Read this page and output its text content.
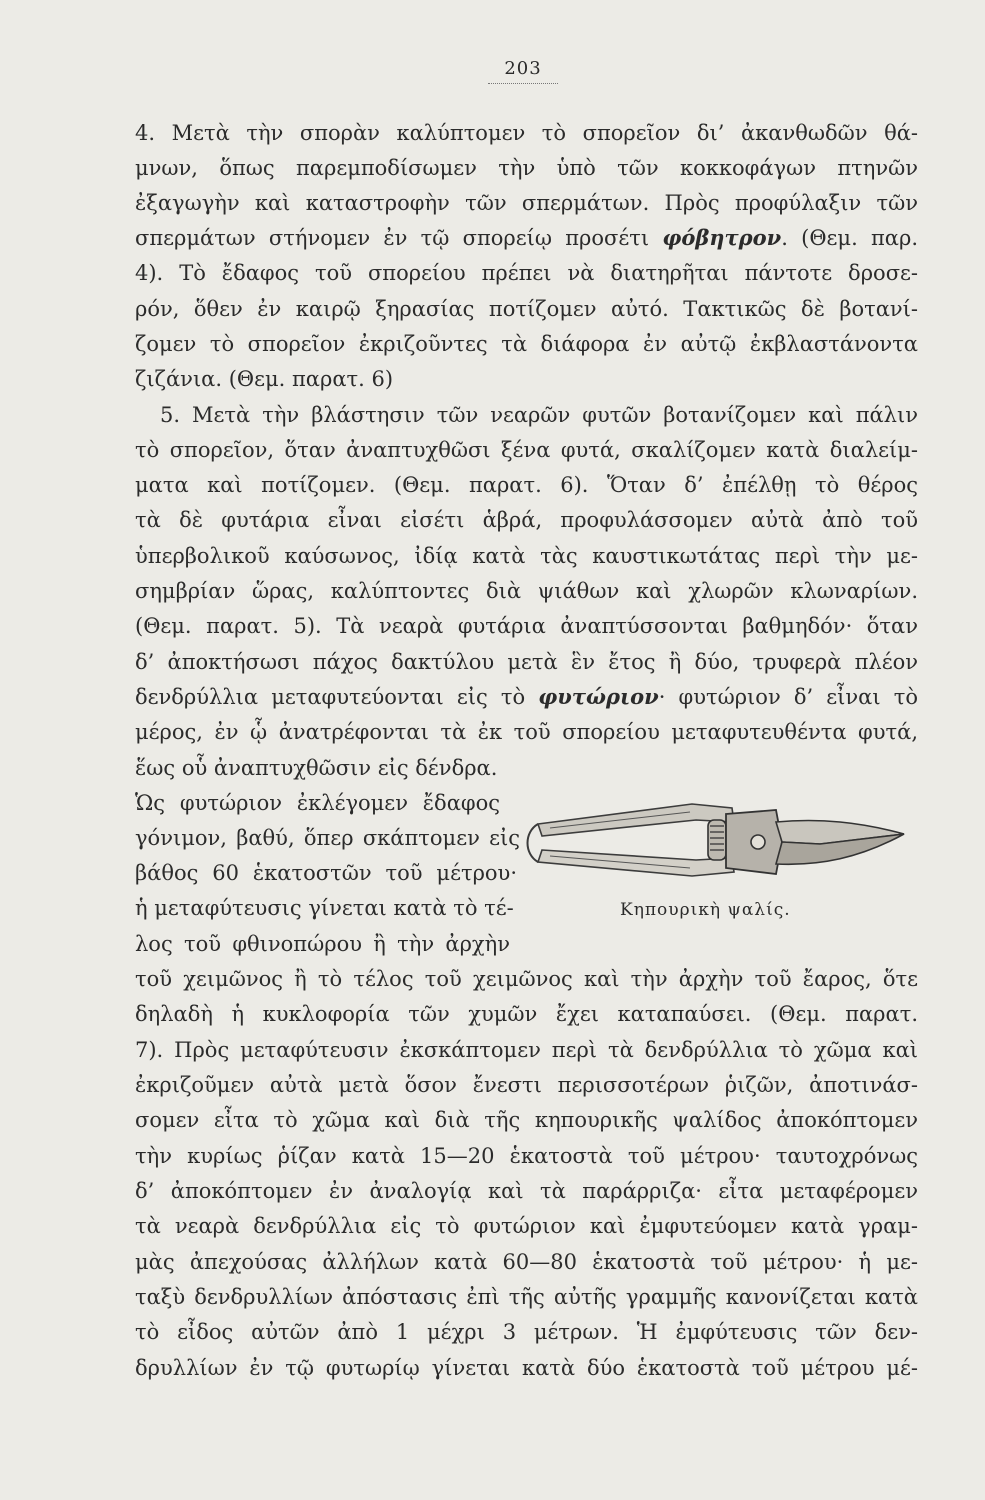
203
4. Μετὰ τὴν σπορὰν καλύπτομεν τὸ σπορεῖον δι’ ἀκανθωδῶν θά-
μνων, ὅπως παρεμποδίσωμεν τὴν ὑπὸ τῶν κοκκοφάγων πτηνῶν
ἐξαγωγὴν καὶ καταστροφὴν τῶν σπερμάτων. Πρὸς προφύλαξιν τῶν
σπερμάτων στήνομεν ἐν τῷ σπορείῳ προσέτι φόβητρον. (Θεμ. παρ.
4). Τὸ ἔδαφος τοῦ σπορείου πρέπει νὰ διατηρῆται πάντοτε δροσε-
ρόν, ὅθεν ἐν καιρῷ ξηρασίας ποτίζομεν αὐτό. Τακτικῶς δὲ βοτανί-
ζομεν τὸ σπορεῖον ἐκριζοῦντες τὰ διάφορα ἐν αὐτῷ ἐκβλαστάνοντα
ζιζάνια. (Θεμ. παρατ. 6)
5. Μετὰ τὴν βλάστησιν τῶν νεαρῶν φυτῶν βοτανίζομεν καὶ πάλιν
τὸ σπορεῖον, ὅταν ἀναπτυχθῶσι ξένα φυτά, σκαλίζομεν κατὰ διαλείμ-
ματα καὶ ποτίζομεν. (Θεμ. παρατ. 6). Ὅταν δ’ ἐπέλθῃ τὸ θέρος
τὰ δὲ φυτάρια εἶναι εἰσέτι ἁβρά, προφυλάσσομεν αὐτὰ ἀπὸ τοῦ
ὑπερβολικοῦ καύσωνος, ἰδίᾳ κατὰ τὰς καυστικωτάτας περὶ τὴν με-
σημβρίαν ὥρας, καλύπτοντες διὰ ψιάθων καὶ χλωρῶν κλωναρίων.
(Θεμ. παρατ. 5). Τὰ νεαρὰ φυτάρια ἀναπτύσσονται βαθμηδόν· ὅταν
δ’ ἀποκτήσωσι πάχος δακτύλου μετὰ ἓν ἔτος ἢ δύο, τρυφερὰ πλέον
δενδρύλλια μεταφυτεύονται εἰς τὸ φυτώριον· φυτώριον δ’ εἶναι τὸ
μέρος, ἐν ᾧ ἀνατρέφονται τὰ ἐκ τοῦ σπορείου μεταφυτευθέντα φυτά,
ἕως οὗ ἀναπτυχθῶσιν εἰς δένδρα.
Ὡς φυτώριον ἐκλέγομεν ἔδαφος
γόνιμον, βαθύ, ὅπερ σκάπτομεν εἰς
βάθος 60 ἑκατοστῶν τοῦ μέτρου·
ἡ μεταφύτευσις γίνεται κατὰ τὸ τέ-
λος τοῦ φθινοπώρου ἢ τὴν ἀρχὴν
τοῦ χειμῶνος ἢ τὸ τέλος τοῦ χειμῶνος καὶ τὴν ἀρχὴν τοῦ ἔαρος, ὅτε
δηλαδὴ ἡ κυκλοφορία τῶν χυμῶν ἔχει καταπαύσει. (Θεμ. παρατ.
7). Πρὸς μεταφύτευσιν ἐκσκάπτομεν περὶ τὰ δενδρύλλια τὸ χῶμα καὶ
ἐκριζοῦμεν αὐτὰ μετὰ ὅσον ἔνεστι περισσοτέρων ῥιζῶν, ἀποτινάσ-
σομεν εἶτα τὸ χῶμα καὶ διὰ τῆς κηπουρικῆς ψαλίδος ἀποκόπτομεν
τὴν κυρίως ῥίζαν κατὰ 15—20 ἑκατοστὰ τοῦ μέτρου· ταυτοχρόνως
δ’ ἀποκόπτομεν ἐν ἀναλογίᾳ καὶ τὰ παράρριζα· εἶτα μεταφέρομεν
τὰ νεαρὰ δενδρύλλια εἰς τὸ φυτώριον καὶ ἐμφυτεύομεν κατὰ γραμ-
μὰς ἀπεχούσας ἀλλήλων κατὰ 60—80 ἑκατοστὰ τοῦ μέτρου· ἡ με-
ταξὺ δενδρυλλίων ἀπόστασις ἐπὶ τῆς αὐτῆς γραμμῆς κανονίζεται κατὰ
τὸ εἶδος αὐτῶν ἀπὸ 1 μέχρι 3 μέτρων. Ἡ ἐμφύτευσις τῶν δεν-
δρυλλίων ἐν τῷ φυτωρίῳ γίνεται κατὰ δύο ἑκατοστὰ τοῦ μέτρου μέ-
Κηπουρικὴ ψαλίς.
